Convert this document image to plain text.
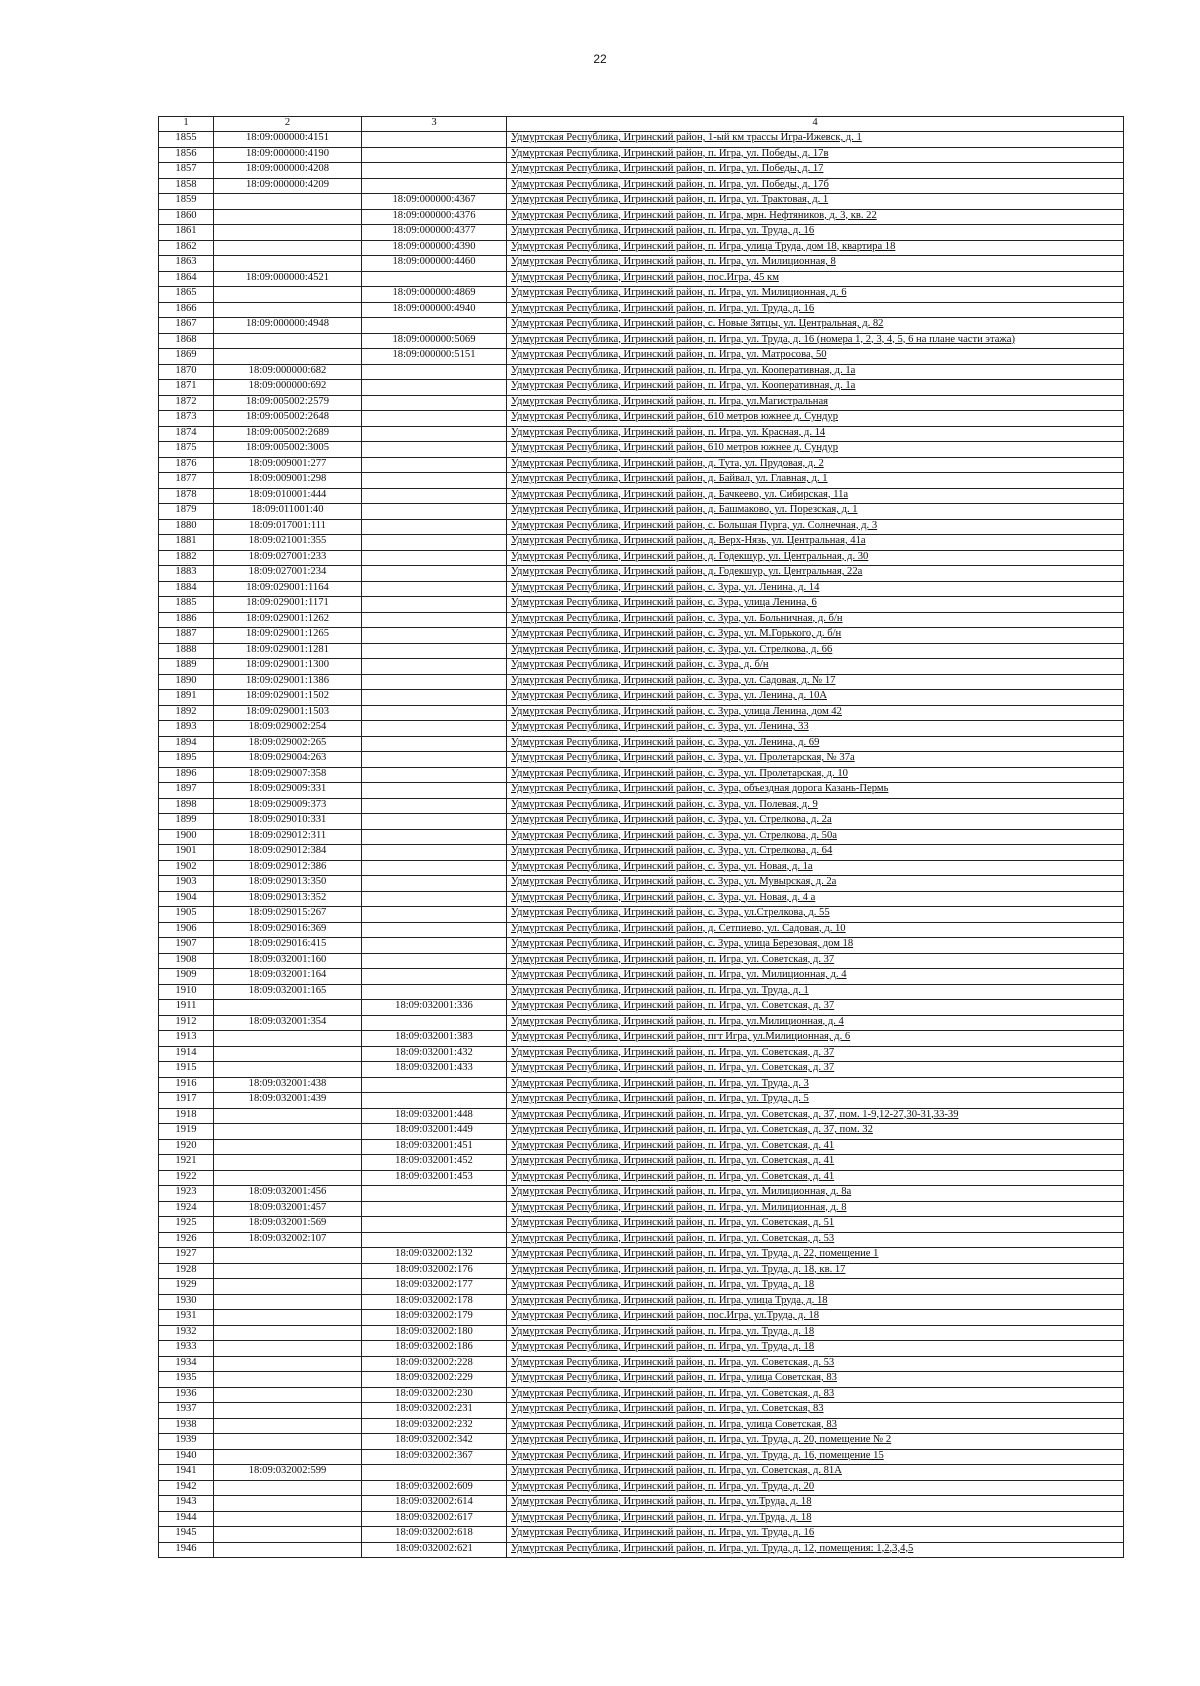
22
1	2	3	4
1855	18:09:000000:4151		Удмуртская Республика, Игринский район, 1-ый км трассы Игра-Ижевск, д. 1
1856	18:09:000000:4190		Удмуртская Республика, Игринский район, п. Игра, ул. Победы, д. 17в
1857	18:09:000000:4208		Удмуртская Республика, Игринский район, п. Игра, ул. Победы, д. 17
1858	18:09:000000:4209		Удмуртская Республика, Игринский район, п. Игра, ул. Победы, д. 17б
1859		18:09:000000:4367	Удмуртская Республика, Игринский район, п. Игра, ул. Трактовая, д. 1
1860		18:09:000000:4376	Удмуртская Республика, Игринский район, п. Игра, мрн. Нефтяников, д. 3, кв. 22
1861		18:09:000000:4377	Удмуртская Республика, Игринский район, п. Игра, ул. Труда, д. 16
1862		18:09:000000:4390	Удмуртская Республика, Игринский район, п. Игра, улица Труда, дом 18, квартира 18
1863		18:09:000000:4460	Удмуртская Республика, Игринский район, п. Игра, ул. Милиционная, 8
1864	18:09:000000:4521		Удмуртская Республика, Игринский район, пос.Игра, 45 км
1865		18:09:000000:4869	Удмуртская Республика, Игринский район, п. Игра, ул. Милиционная, д. 6
1866		18:09:000000:4940	Удмуртская Республика, Игринский район, п. Игра, ул. Труда, д. 16
1867	18:09:000000:4948		Удмуртская Республика, Игринский район, с. Новые Зятцы, ул. Центральная, д. 82
1868		18:09:000000:5069	Удмуртская Республика, Игринский район, п. Игра, ул. Труда, д. 16 (номера 1, 2, 3, 4, 5, 6 на плане части этажа)
1869		18:09:000000:5151	Удмуртская Республика, Игринский район, п. Игра, ул. Матросова, 50
1870	18:09:000000:682		Удмуртская Республика, Игринский район, п. Игра, ул. Кооперативная, д. 1а
1871	18:09:000000:692		Удмуртская Республика, Игринский район, п. Игра, ул. Кооперативная, д. 1а
1872	18:09:005002:2579		Удмуртская Республика, Игринский район, п. Игра, ул.Магистральная
1873	18:09:005002:2648		Удмуртская Республика, Игринский район, 610 метров южнее д. Сундур
1874	18:09:005002:2689		Удмуртская Республика, Игринский район, п. Игра, ул. Красная, д. 14
1875	18:09:005002:3005		Удмуртская Республика, Игринский район, 610 метров южнее д. Сундур
1876	18:09:009001:277		Удмуртская Республика, Игринский район, д. Тутa, ул. Прудовая, д. 2
1877	18:09:009001:298		Удмуртская Республика, Игринский район, д. Байвал, ул. Главная, д. 1
1878	18:09:010001:444		Удмуртская Республика, Игринский район, д. Бачкеево, ул. Сибирская, 11а
1879	18:09:011001:40		Удмуртская Республика, Игринский район, д. Башмаково, ул. Порезская, д. 1
1880	18:09:017001:111		Удмуртская Республика, Игринский район, с. Большая Пурга, ул. Солнечная, д. 3
1881	18:09:021001:355		Удмуртская Республика, Игринский район, д. Верх-Нязь, ул. Центральная, 41а
1882	18:09:027001:233		Удмуртская Республика, Игринский район, д. Годекшур, ул. Центральная, д. 30
1883	18:09:027001:234		Удмуртская Республика, Игринский район, д. Годекшур, ул. Центральная, 22а
1884	18:09:029001:1164		Удмуртская Республика, Игринский район, с. Зура, ул. Ленина, д. 14
1885	18:09:029001:1171		Удмуртская Республика, Игринский район, с. Зура, улица Ленина, 6
1886	18:09:029001:1262		Удмуртская Республика, Игринский район, с. Зура, ул. Больничная, д. б/н
1887	18:09:029001:1265		Удмуртская Республика, Игринский район, с. Зура, ул. М.Горького, д. б/н
1888	18:09:029001:1281		Удмуртская Республика, Игринский район, с. Зура, ул. Стрелкова, д. 66
1889	18:09:029001:1300		Удмуртская Республика, Игринский район, с. Зура, д. б/н
1890	18:09:029001:1386		Удмуртская Республика, Игринский район, с. Зура, ул. Садовая, д. № 17
1891	18:09:029001:1502		Удмуртская Республика, Игринский район, с. Зура, ул. Ленина, д. 10А
1892	18:09:029001:1503		Удмуртская Республика, Игринский район, с. Зура, улица Ленина, дом 42
1893	18:09:029002:254		Удмуртская Республика, Игринский район, с. Зура, ул. Ленина, 33
1894	18:09:029002:265		Удмуртская Республика, Игринский район, с. Зура, ул. Ленина, д. 69
1895	18:09:029004:263		Удмуртская Республика, Игринский район, с. Зура, ул. Пролетарская, № 37а
1896	18:09:029007:358		Удмуртская Республика, Игринский район, с. Зура, ул. Пролетарская, д. 10
1897	18:09:029009:331		Удмуртская Республика, Игринский район, с. Зура, объездная дорога Казань-Пермь
1898	18:09:029009:373		Удмуртская Республика, Игринский район, с. Зура, ул. Полевая, д. 9
1899	18:09:029010:331		Удмуртская Республика, Игринский район, с. Зура, ул. Стрелкова, д. 2а
1900	18:09:029012:311		Удмуртская Республика, Игринский район, с. Зура, ул. Стрелкова, д. 50а
1901	18:09:029012:384		Удмуртская Республика, Игринский район, с. Зура, ул. Стрелкова, д. 64
1902	18:09:029012:386		Удмуртская Республика, Игринский район, с. Зура, ул. Новая, д. 1а
1903	18:09:029013:350		Удмуртская Республика, Игринский район, с. Зура, ул. Мувырская, д. 2а
1904	18:09:029013:352		Удмуртская Республика, Игринский район, с. Зура, ул. Новая, д. 4 а
1905	18:09:029015:267		Удмуртская Республика, Игринский район, с. Зура, ул.Стрелкова, д. 55
1906	18:09:029016:369		Удмуртская Республика, Игринский район, д. Сетпиево, ул. Садовая, д. 10
1907	18:09:029016:415		Удмуртская Республика, Игринский район, с. Зура, улица Березовая, дом 18
1908	18:09:032001:160		Удмуртская Республика, Игринский район, п. Игра, ул. Советская, д. 37
1909	18:09:032001:164		Удмуртская Республика, Игринский район, п. Игра, ул. Милиционная, д. 4
1910	18:09:032001:165		Удмуртская Республика, Игринский район, п. Игра, ул. Труда, д. 1
1911		18:09:032001:336	Удмуртская Республика, Игринский район, п. Игра, ул. Советская, д. 37
1912	18:09:032001:354		Удмуртская Республика, Игринский район, п. Игра, ул.Милиционная, д. 4
1913		18:09:032001:383	Удмуртская Республика, Игринский район, пгт Игра, ул.Милиционная, д. 6
1914		18:09:032001:432	Удмуртская Республика, Игринский район, п. Игра, ул. Советская, д. 37
1915		18:09:032001:433	Удмуртская Республика, Игринский район, п. Игра, ул. Советская, д. 37
1916	18:09:032001:438		Удмуртская Республика, Игринский район, п. Игра, ул. Труда, д. 3
1917	18:09:032001:439		Удмуртская Республика, Игринский район, п. Игра, ул. Труда, д. 5
1918		18:09:032001:448	Удмуртская Республика, Игринский район, п. Игра, ул. Советская, д. 37, пом. 1-9,12-27,30-31,33-39
1919		18:09:032001:449	Удмуртская Республика, Игринский район, п. Игра, ул. Советская, д. 37, пом. 32
1920		18:09:032001:451	Удмуртская Республика, Игринский район, п. Игра, ул. Советская, д. 41
1921		18:09:032001:452	Удмуртская Республика, Игринский район, п. Игра, ул. Советская, д. 41
1922		18:09:032001:453	Удмуртская Республика, Игринский район, п. Игра, ул. Советская, д. 41
1923	18:09:032001:456		Удмуртская Республика, Игринский район, п. Игра, ул. Милиционная, д. 8а
1924	18:09:032001:457		Удмуртская Республика, Игринский район, п. Игра, ул. Милиционная, д. 8
1925	18:09:032001:569		Удмуртская Республика, Игринский район, п. Игра, ул. Советская, д. 51
1926	18:09:032002:107		Удмуртская Республика, Игринский район, п. Игра, ул. Советская, д. 53
1927		18:09:032002:132	Удмуртская Республика, Игринский район, п. Игра, ул. Труда, д. 22, помещение 1
1928		18:09:032002:176	Удмуртская Республика, Игринский район, п. Игра, ул. Труда, д. 18, кв. 17
1929		18:09:032002:177	Удмуртская Республика, Игринский район, п. Игра, ул. Труда, д. 18
1930		18:09:032002:178	Удмуртская Республика, Игринский район, п. Игра, улица Труда, д. 18
1931		18:09:032002:179	Удмуртская Республика, Игринский район, пос.Игра, ул.Труда, д. 18
1932		18:09:032002:180	Удмуртская Республика, Игринский район, п. Игра, ул. Труда, д. 18
1933		18:09:032002:186	Удмуртская Республика, Игринский район, п. Игра, ул. Труда, д. 18
1934		18:09:032002:228	Удмуртская Республика, Игринский район, п. Игра, ул. Советская, д. 53
1935		18:09:032002:229	Удмуртская Республика, Игринский район, п. Игра, улица Советская, 83
1936		18:09:032002:230	Удмуртская Республика, Игринский район, п. Игра, ул. Советская, д. 83
1937		18:09:032002:231	Удмуртская Республика, Игринский район, п. Игра, ул. Советская, 83
1938		18:09:032002:232	Удмуртская Республика, Игринский район, п. Игра, улица Советская, 83
1939		18:09:032002:342	Удмуртская Республика, Игринский район, п. Игра, ул. Труда, д. 20, помещение № 2
1940		18:09:032002:367	Удмуртская Республика, Игринский район, п. Игра, ул. Труда, д. 16, помещение 15
1941	18:09:032002:599		Удмуртская Республика, Игринский район, п. Игра, ул. Советская, д. 81А
1942		18:09:032002:609	Удмуртская Республика, Игринский район, п. Игра, ул. Труда, д. 20
1943		18:09:032002:614	Удмуртская Республика, Игринский район, п. Игра, ул.Труда, д. 18
1944		18:09:032002:617	Удмуртская Республика, Игринский район, п. Игра, ул.Труда, д. 18
1945		18:09:032002:618	Удмуртская Республика, Игринский район, п. Игра, ул. Труда, д. 16
1946		18:09:032002:621	Удмуртская Республика, Игринский район, п. Игра, ул. Труда, д. 12, помещения: 1,2,3,4,5
